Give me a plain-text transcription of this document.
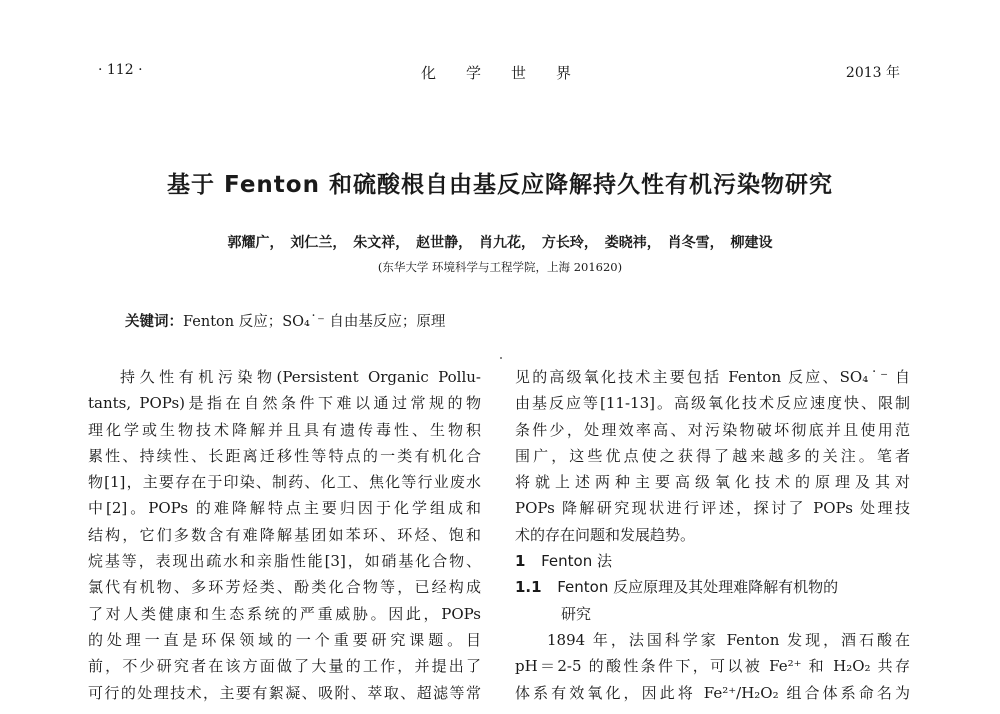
· 112 ·	化学世界	2013 年
基于 Fenton 和硫酸根自由基反应降解持久性有机污染物研究
郭耀广， 刘仁兰， 朱文祥， 赵世静， 肖九花， 方长玲， 娄晓祎， 肖冬雪， 柳建设
(东华大学 环境科学与工程学院，上海 201620)
关键词：Fenton 反应；SO₄˙⁻ 自由基反应；原理
持久性有机污染物(Persistent Organic Pollu-
tants, POPs)是指在自然条件下难以通过常规的物
理化学或生物技术降解并且具有遗传毒性、生物积
累性、持续性、长距离迁移性等特点的一类有机化合
物[1]，主要存在于印染、制药、化工、焦化等行业废水
中[2]。POPs 的难降解特点主要归因于化学组成和
结构，它们多数含有难降解基团如苯环、环烃、饱和
烷基等，表现出疏水和亲脂性能[3]，如硝基化合物、
氯代有机物、多环芳烃类、酚类化合物等，已经构成
了对人类健康和生态系统的严重威胁。因此，POPs
的处理一直是环保领域的一个重要研究课题。目
前，不少研究者在该方面做了大量的工作，并提出了
可行的处理技术，主要有絮凝、吸附、萃取、超滤等常
见的高级氧化技术主要包括 Fenton 反应、SO₄˙⁻ 自
由基反应等[11-13]。高级氧化技术反应速度快、限制
条件少，处理效率高、对污染物破坏彻底并且使用范
围广，这些优点使之获得了越来越多的关注。笔者
将就上述两种主要高级氧化技术的原理及其对
POPs 降解研究现状进行评述，探讨了 POPs 处理技
术的存在问题和发展趋势。
1 Fenton 法
1.1 Fenton 反应原理及其处理难降解有机物的
研究
1894 年，法国科学家 Fenton 发现，酒石酸在
pH＝2-5 的酸性条件下，可以被 Fe²⁺ 和 H₂O₂ 共存
体系有效氧化，因此将 Fe²⁺/H₂O₂ 组合体系命名为
